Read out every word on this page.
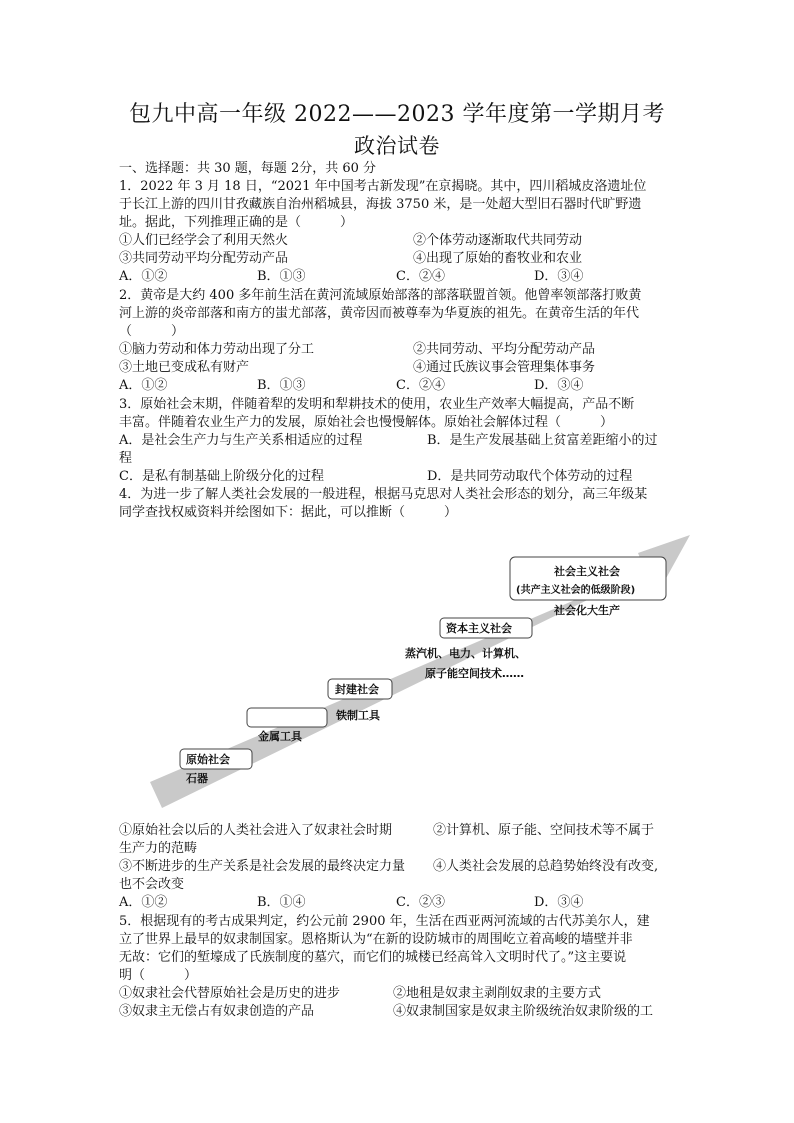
包九中高一年级 2022——2023 学年度第一学期月考
政治试卷
一、选择题：共 30 题，每题 2分，共 60 分
1．2022 年 3 月 18 日，“2021 年中国考古新发现”在京揭晓。其中，四川稻城皮洛遗址位
于长江上游的四川甘孜藏族自治州稻城县，海拔 3750 米，是一处超大型旧石器时代旷野遗
址。据此，下列推理正确的是（　　　）
①人们已经学会了利用天然火	②个体劳动逐渐取代共同劳动
③共同劳动平均分配劳动产品	④出现了原始的畜牧业和农业
A．①②	B．①③	C．②④	D．③④
2．黄帝是大约 400 多年前生活在黄河流域原始部落的部落联盟首领。他曾率领部落打败黄
河上游的炎帝部落和南方的蚩尤部落，黄帝因而被尊奉为华夏族的祖先。在黄帝生活的年代
（　　　）
①脑力劳动和体力劳动出现了分工	②共同劳动、平均分配劳动产品
③土地已变成私有财产	④通过氏族议事会管理集体事务
A．①②	B．①③	C．②④	D．③④
3．原始社会末期，伴随着犁的发明和犁耕技术的使用，农业生产效率大幅提高，产品不断
丰富。伴随着农业生产力的发展，原始社会也慢慢解体。原始社会解体过程（　　　）
A．是社会生产力与生产关系相适应的过程	B．是生产发展基础上贫富差距缩小的过
程
C．是私有制基础上阶级分化的过程	D．是共同劳动取代个体劳动的过程
4．为进一步了解人类社会发展的一般进程，根据马克思对人类社会形态的划分，高三年级某
同学查找权威资料并绘图如下：据此，可以推断（　　　）
原始社会
石器
金属工具
封建社会
铁制工具
资本主义社会
蒸汽机、电力、计算机、
原子能空间技术……
社会主义社会
(共产主义社会的低级阶段)
社会化大生产
①原始社会以后的人类社会进入了奴隶社会时期	②计算机、原子能、空间技术等不属于
生产力的范畴
③不断进步的生产关系是社会发展的最终决定力量 ④人类社会发展的总趋势始终没有改变,
也不会改变
A．①②	B．①④	C．②③	D．③④
5．根据现有的考古成果判定，约公元前 2900 年，生活在西亚两河流域的古代苏美尔人，建
立了世界上最早的奴隶制国家。恩格斯认为“在新的设防城市的周围屹立着高峻的墙壁并非
无故：它们的堑壕成了氏族制度的墓穴，而它们的城楼已经高耸入文明时代了。”这主要说
明（　　　）
①奴隶社会代替原始社会是历史的进步	②地租是奴隶主剥削奴隶的主要方式
③奴隶主无偿占有奴隶创造的产品	④奴隶制国家是奴隶主阶级统治奴隶阶级的工
